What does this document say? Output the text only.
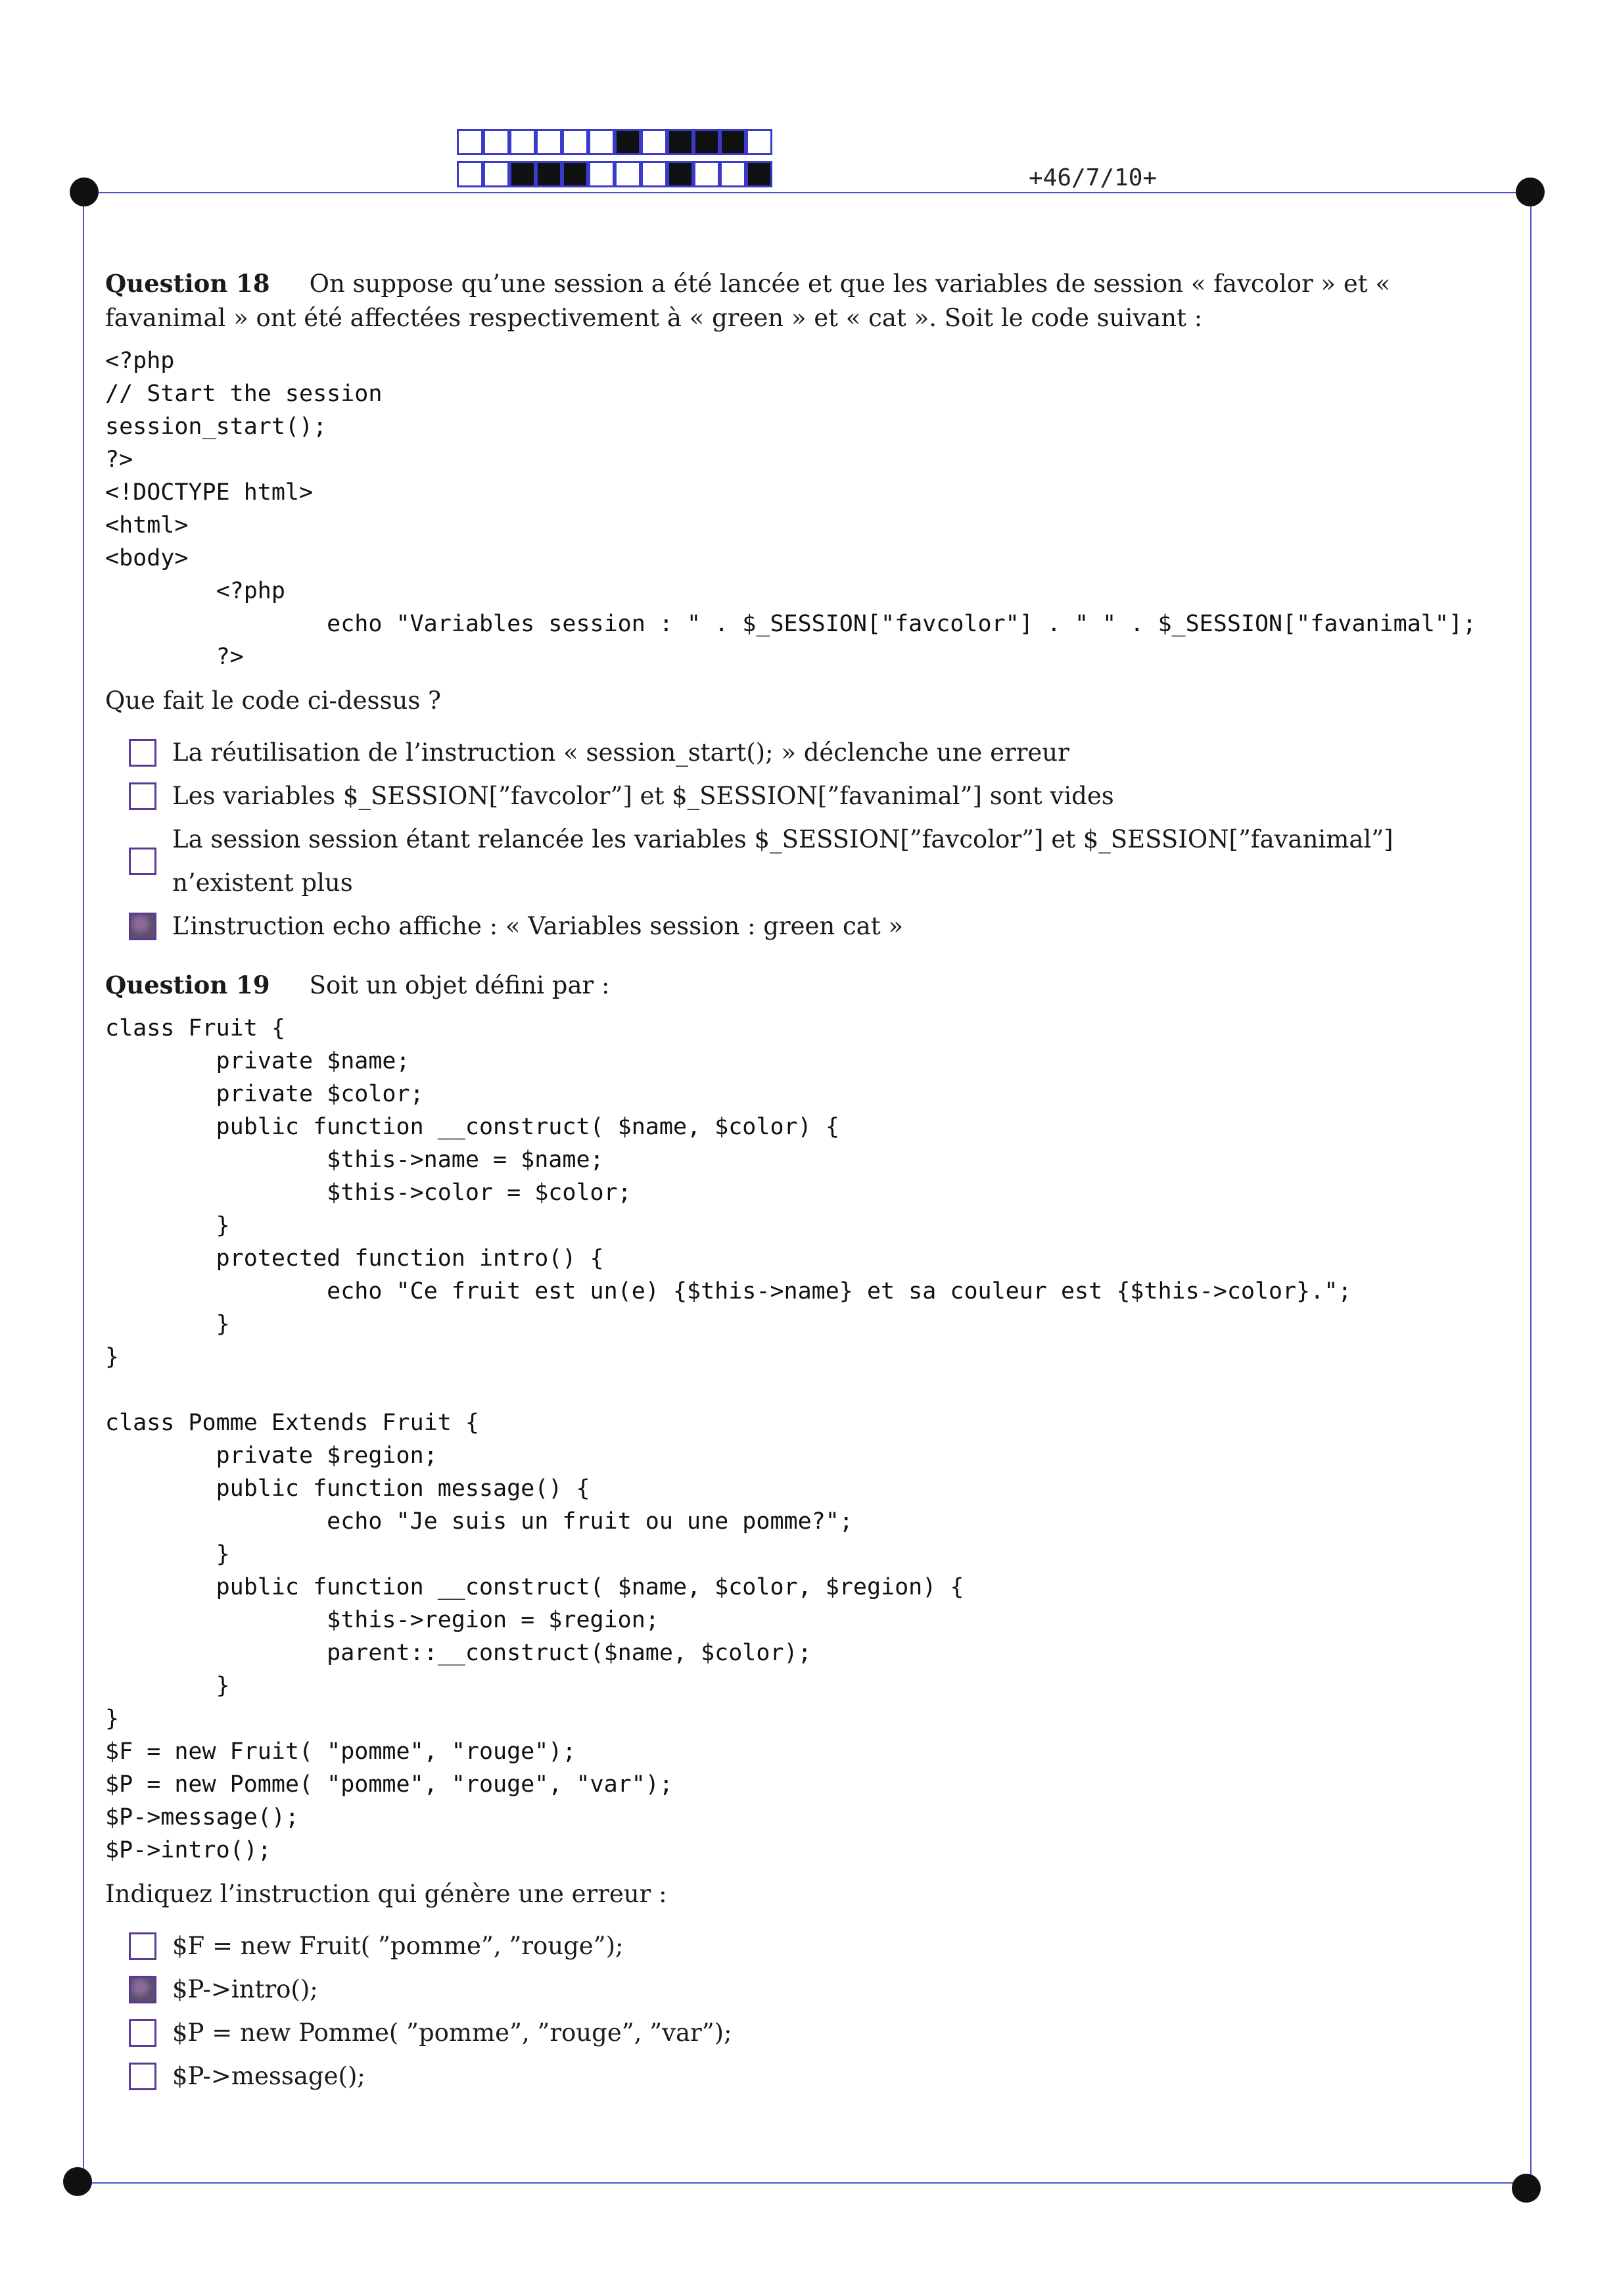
+46/7/10+
Question 18 On suppose qu’une session a été lancée et que les variables de session « favcolor » et « favanimal » ont été affectées respectivement à « green » et « cat ». Soit le code suivant :
<?php
// Start the session
session_start();
?>
<!DOCTYPE html>
<html>
<body>
<?php
echo "Variables session : " . $_SESSION["favcolor"] . " " . $_SESSION["favanimal"];
?>
Que fait le code ci-dessus ?
La réutilisation de l’instruction « session_start(); » déclenche une erreur
Les variables $_SESSION[”favcolor”] et $_SESSION[”favanimal”] sont vides
La session session étant relancée les variables $_SESSION[”favcolor”] et $_SESSION[”favanimal”] n’existent plus
L’instruction echo affiche : « Variables session : green cat »
Question 19 Soit un objet défini par :
class Fruit {
private $name;
private $color;
public function __construct( $name, $color) {
$this->name = $name;
$this->color = $color;
}
protected function intro() {
echo "Ce fruit est un(e) {$this->name} et sa couleur est {$this->color}.";
}
}

class Pomme Extends Fruit {
private $region;
public function message() {
echo "Je suis un fruit ou une pomme?";
}
public function __construct( $name, $color, $region) {
$this->region = $region;
parent::__construct($name, $color);
}
}
$F = new Fruit( "pomme", "rouge");
$P = new Pomme( "pomme", "rouge", "var");
$P->message();
$P->intro();
Indiquez l’instruction qui génère une erreur :
$F = new Fruit( ”pomme”, ”rouge”);
$P->intro();
$P = new Pomme( ”pomme”, ”rouge”, ”var”);
$P->message();
